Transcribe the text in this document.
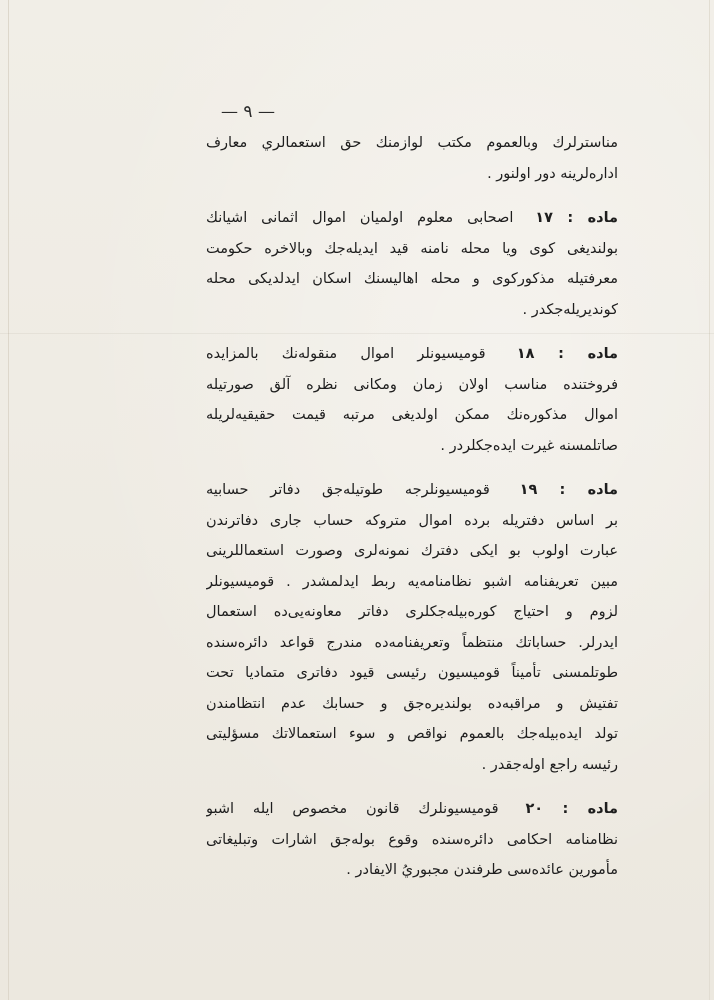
— ٩ —
مناسترلرك وبالعموم مكتب لوازمنك حق استعمالري معارف
اداره‌لرينه دور اولنور .
ماده : ١٧ اصحابى معلوم اولميان اموال اثمانى اشيانك
بولنديغى كوى ويا محله نامنه قيد ايديله‌جك وبالاخره حكومت
معرفتيله مذكوركوى و محله اهاليسنك اسكان ايدلديكى محله
كونديريله‌جكدر .
ماده : ١٨ قوميسيونلر اموال منقوله‌نك بالمزايده
فروختنده مناسب اولان زمان ومكانى نظره آلق صورتيله
اموال مذكوره‌نك ممكن اولديغى مرتبه قيمت حقيقيه‌لريله
صاتلمسنه غيرت ايده‌جكلردر .
ماده : ١٩ قوميسيونلرجه طوتيله‌جق دفاتر حسابيه
بر اساس دفتريله برده اموال متروكه حساب جارى دفاترندن
عبارت اولوب بو ايكى دفترك نمونه‌لرى وصورت استعماللرينى
مبين تعريفنامه اشبو نظامنامه‌يه ربط ايدلمشدر . قوميسيونلر
لزوم و احتياج كوره‌بيله‌جكلرى دفاتر معاونه‌يى‌ده استعمال
ايدرلر. حساباتك منتظماً وتعريفنامه‌ده مندرج قواعد دائره‌سنده
طوتلمسنى تأميناً قوميسيون رئيسى قيود دفاترى متماديا تحت
تفتيش و مراقبه‌ده بولنديره‌جق و حسابك عدم انتظامندن
تولد ايده‌بيله‌جك بالعموم نواقص و سوء استعمالاتك مسؤليتى
رئيسه راجع اوله‌جقدر .
ماده : ٢٠ قوميسيونلرك قانون مخصوص ايله اشبو
نظامنامه احكامى دائره‌سنده وقوع بوله‌جق اشارات وتبليغاتى
مأمورين عائده‌سى طرفندن مجبوريُ الايفادر .
